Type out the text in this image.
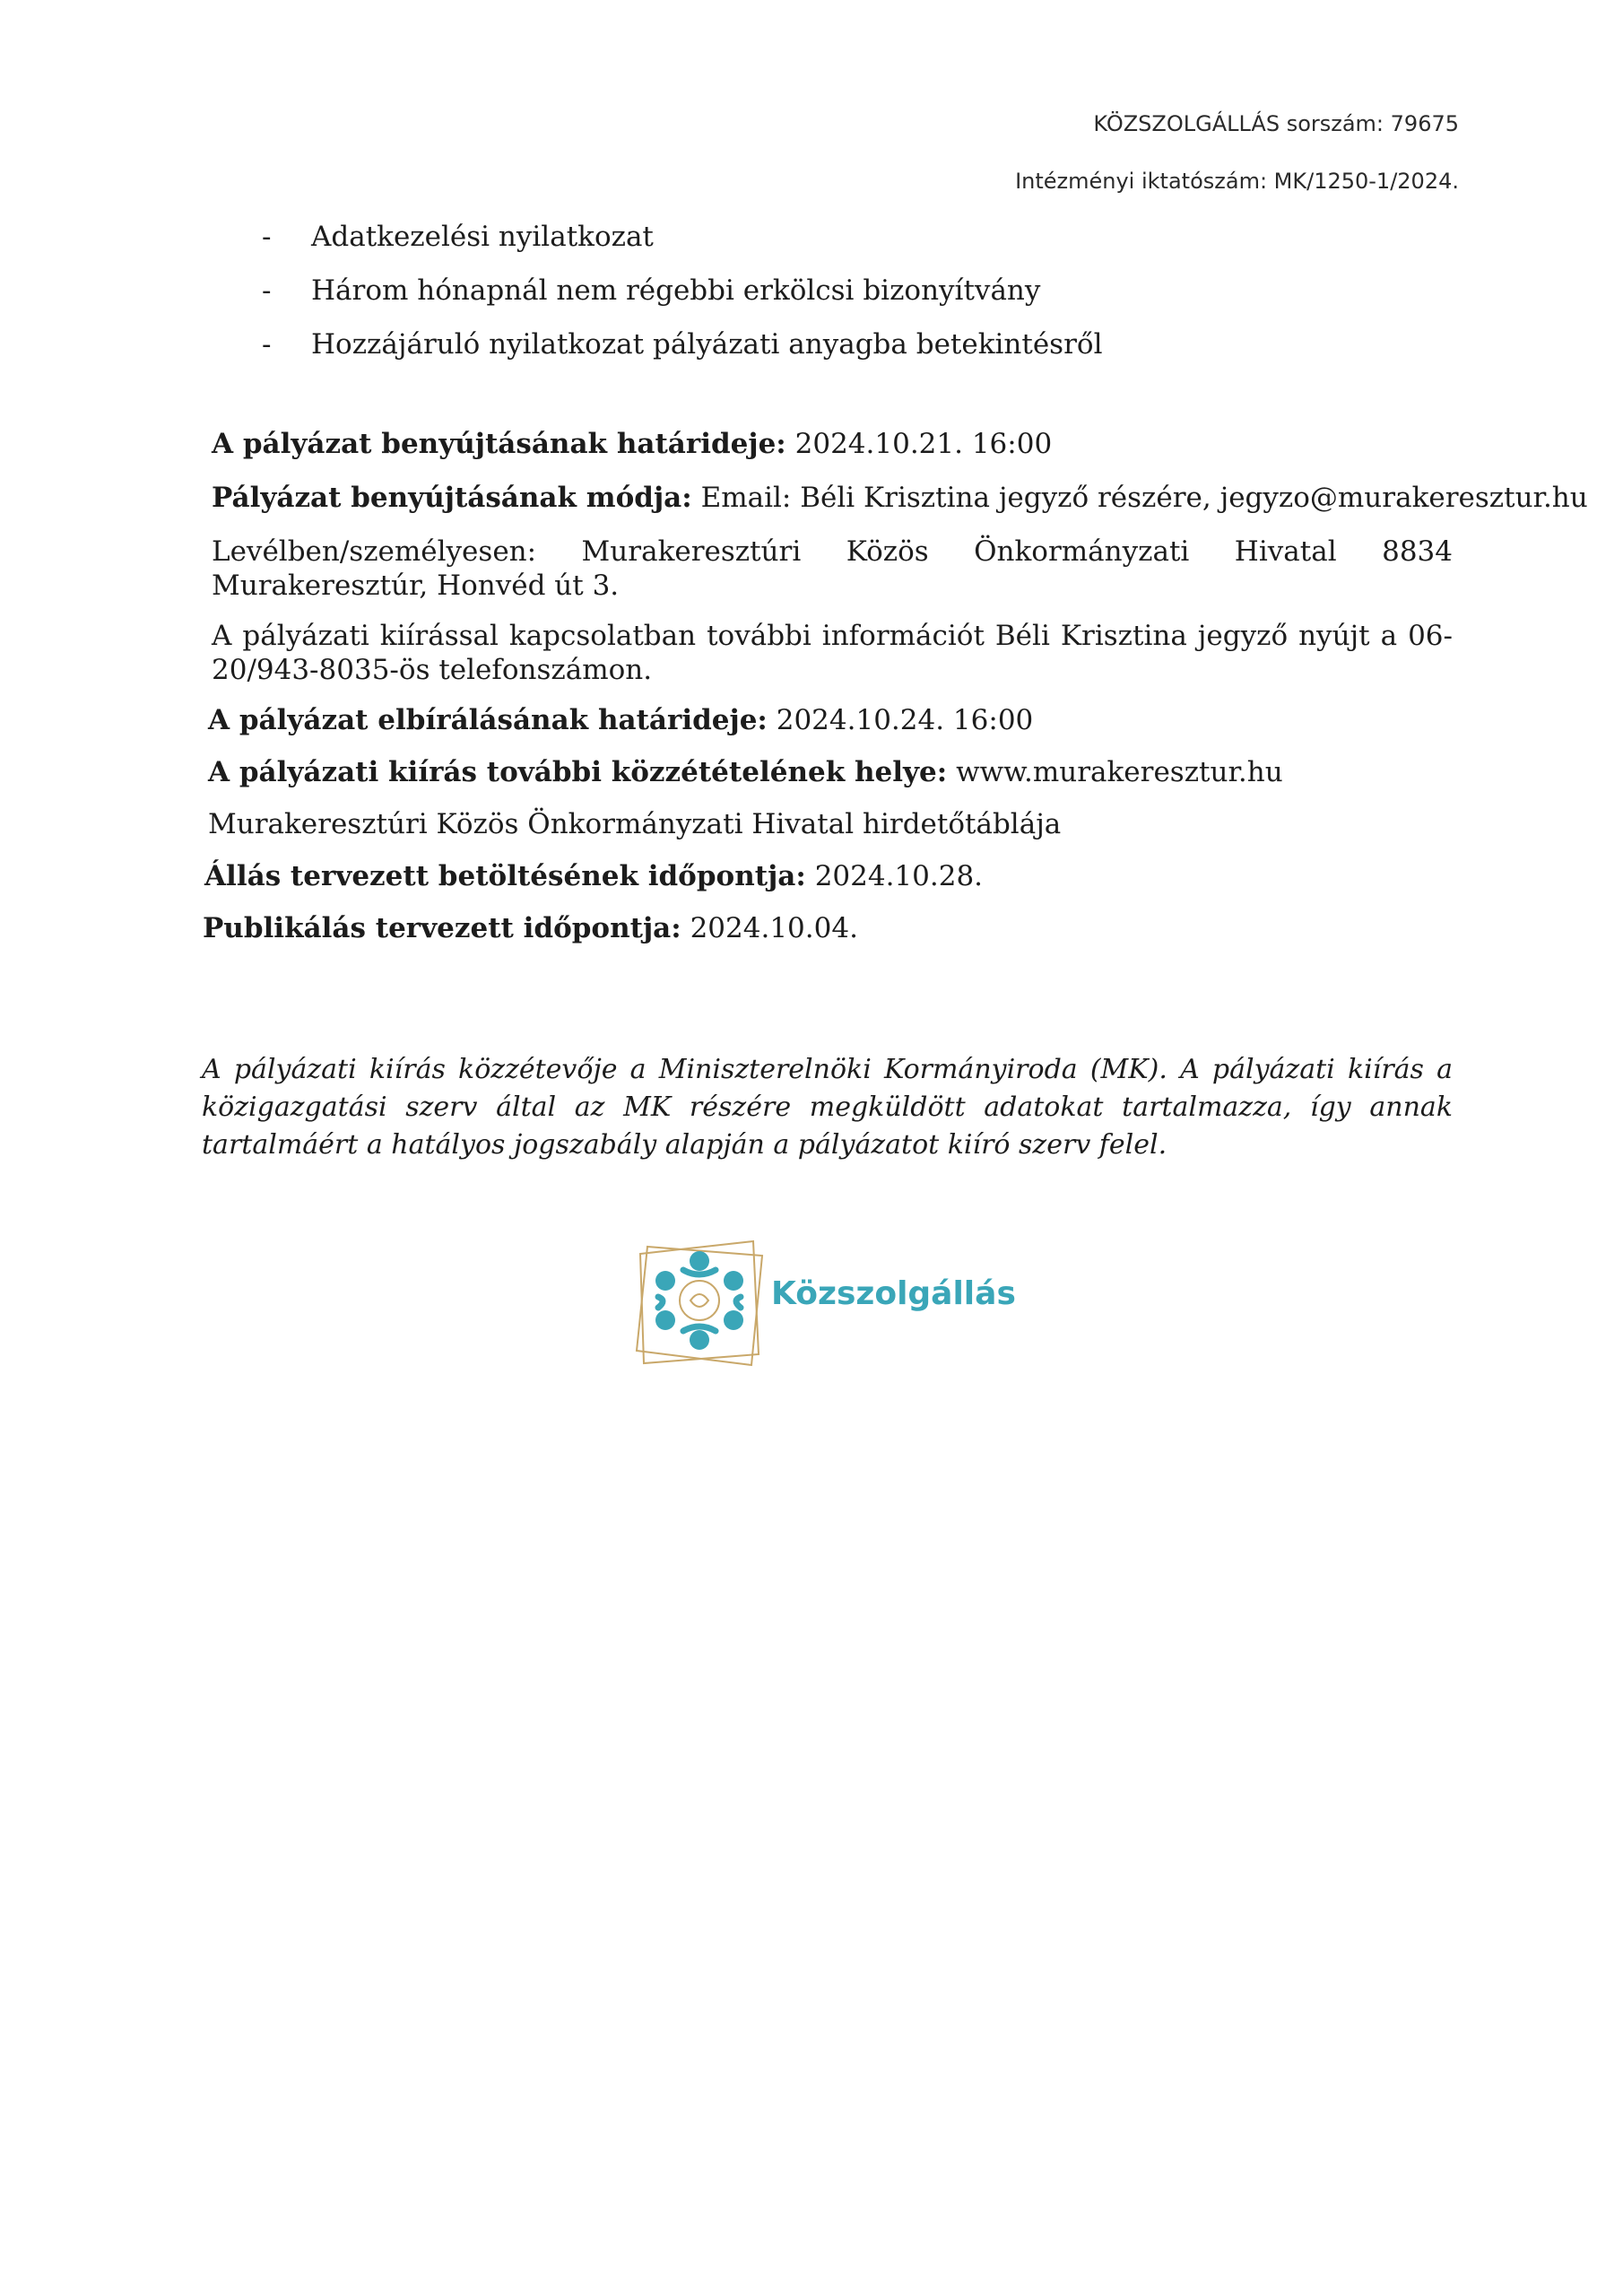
KÖZSZOLGÁLLÁS sorszám: 79675
Intézményi iktatószám: MK/1250-1/2024.
- Adatkezelési nyilatkozat
- Három hónapnál nem régebbi erkölcsi bizonyítvány
- Hozzájáruló nyilatkozat pályázati anyagba betekintésről
A pályázat benyújtásának határideje: 2024.10.21. 16:00
Pályázat benyújtásának módja: Email: Béli Krisztina jegyző részére, jegyzo@murakeresztur.hu
Levélben/személyesen: Murakeresztúri Közös Önkormányzati Hivatal 8834 Murakeresztúr, Honvéd út 3.
A pályázati kiírással kapcsolatban további információt Béli Krisztina jegyző nyújt a 06-20/943-8035-ös telefonszámon.
A pályázat elbírálásának határideje: 2024.10.24. 16:00
A pályázati kiírás további közzétételének helye: www.murakeresztur.hu
Murakeresztúri Közös Önkormányzati Hivatal hirdetőtáblája
Állás tervezett betöltésének időpontja: 2024.10.28.
Publikálás tervezett időpontja: 2024.10.04.
A pályázati kiírás közzétevője a Miniszterelnöki Kormányiroda (MK). A pályázati kiírás a közigazgatási szerv által az MK részére megküldött adatokat tartalmazza, így annak tartalmáért a hatályos jogszabály alapján a pályázatot kiíró szerv felel.
Közszolgállás
